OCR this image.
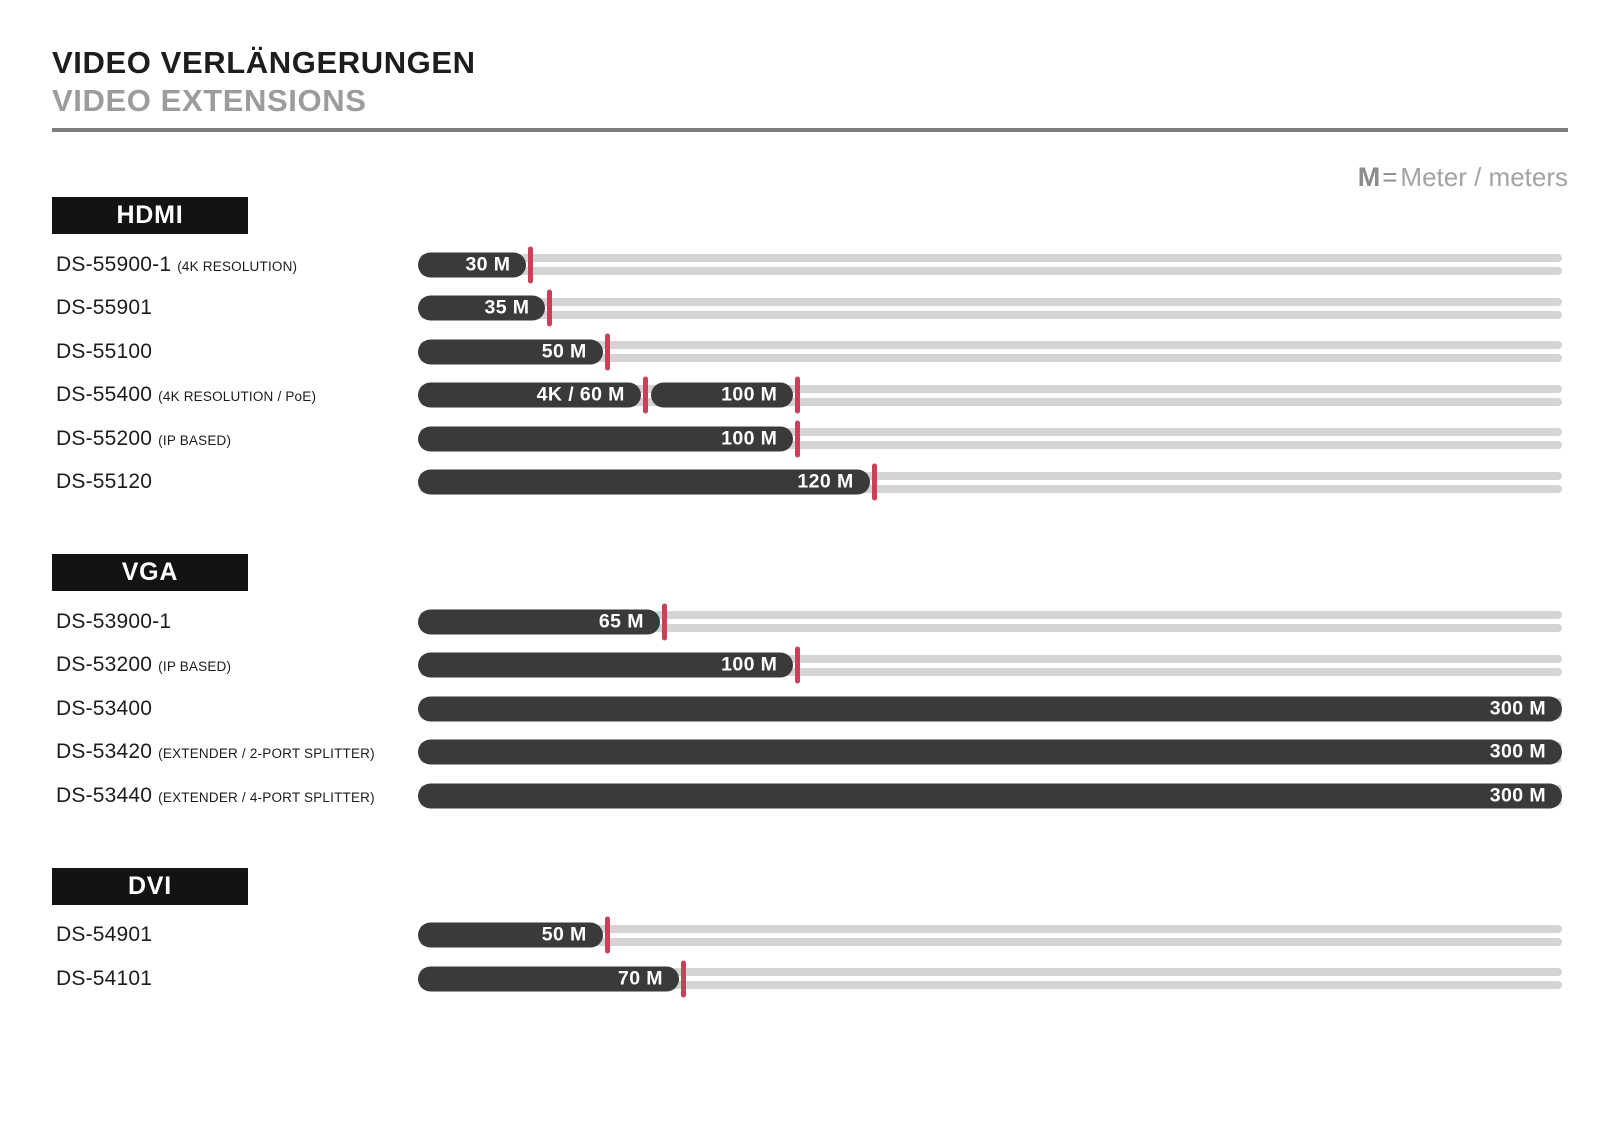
VIDEO VERLÄNGERUNGEN
VIDEO EXTENSIONS
M= Meter / meters
HDMI
DS-55900-1 (4K RESOLUTION)	30 M
DS-55901	35 M
DS-55100	50 M
DS-55400 (4K RESOLUTION / PoE)	4K / 60 M	100 M
DS-55200 (IP BASED)	100 M
DS-55120	120 M
VGA
DS-53900-1	65 M
DS-53200 (IP BASED)	100 M
DS-53400	300 M
DS-53420 (EXTENDER / 2-PORT SPLITTER)	300 M
DS-53440 (EXTENDER / 4-PORT SPLITTER)	300 M
DVI
DS-54901	50 M
DS-54101	70 M
